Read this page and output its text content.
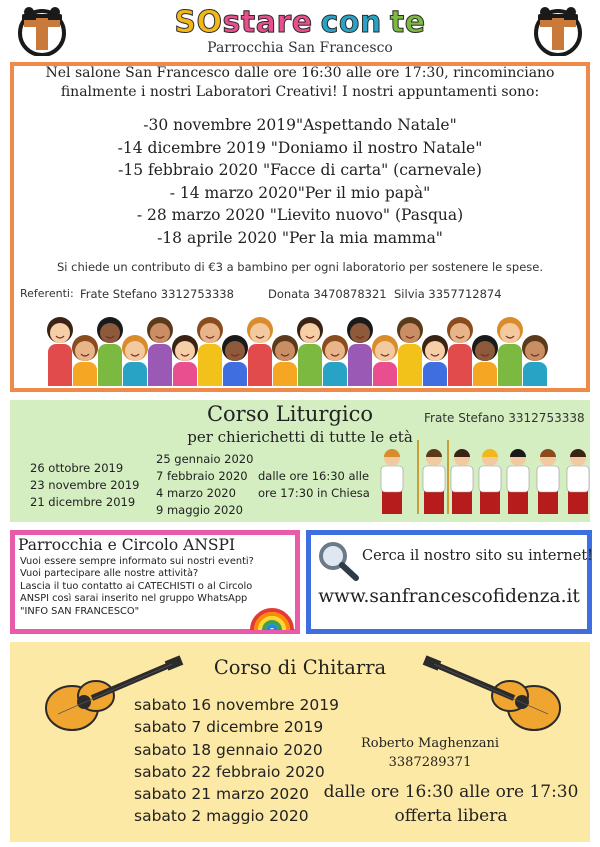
SOstare con te
Parrocchia San Francesco
Nel salone San Francesco dalle ore 16:30 alle ore 17:30, rincominciano finalmente i nostri Laboratori Creativi! I nostri appuntamenti sono:
-30 novembre 2019"Aspettando Natale"
-14 dicembre 2019 "Doniamo il nostro Natale"
-15 febbraio 2020 "Facce di carta" (carnevale)
- 14 marzo 2020"Per il mio papà"
- 28 marzo 2020 "Lievito nuovo" (Pasqua)
-18 aprile 2020 "Per la mia mamma"
Si chiede un contributo di €3 a bambino per ogni laboratorio per sostenere le spese.
Referenti: Frate Stefano 3312753338	Donata 3470878321 Silvia 3357712874
Corso Liturgico
per chierichetti di tutte le età
Frate Stefano 3312753338
26 ottobre 2019
23 novembre 2019
21 dicembre 2019
25 gennaio 2020
7 febbraio 2020
4 marzo 2020
9 maggio 2020
dalle ore 16:30 alle ore 17:30 in Chiesa
Parrocchia e Circolo ANSPI
Vuoi essere sempre informato sui nostri eventi?
Vuoi partecipare alle nostre attività?
Lascia il tuo contatto ai CATECHISTI o al Circolo ANSPI così sarai inserito nel gruppo WhatsApp "INFO SAN FRANCESCO"
Cerca il nostro sito su internet!
www.sanfrancescofidenza.it
Corso di Chitarra
sabato 16 novembre 2019
sabato 7 dicembre 2019
sabato 18 gennaio 2020
sabato 22 febbraio 2020
sabato 21 marzo 2020
sabato 2 maggio 2020
Roberto Maghenzani
3387289371
dalle ore 16:30 alle ore 17:30
offerta libera
